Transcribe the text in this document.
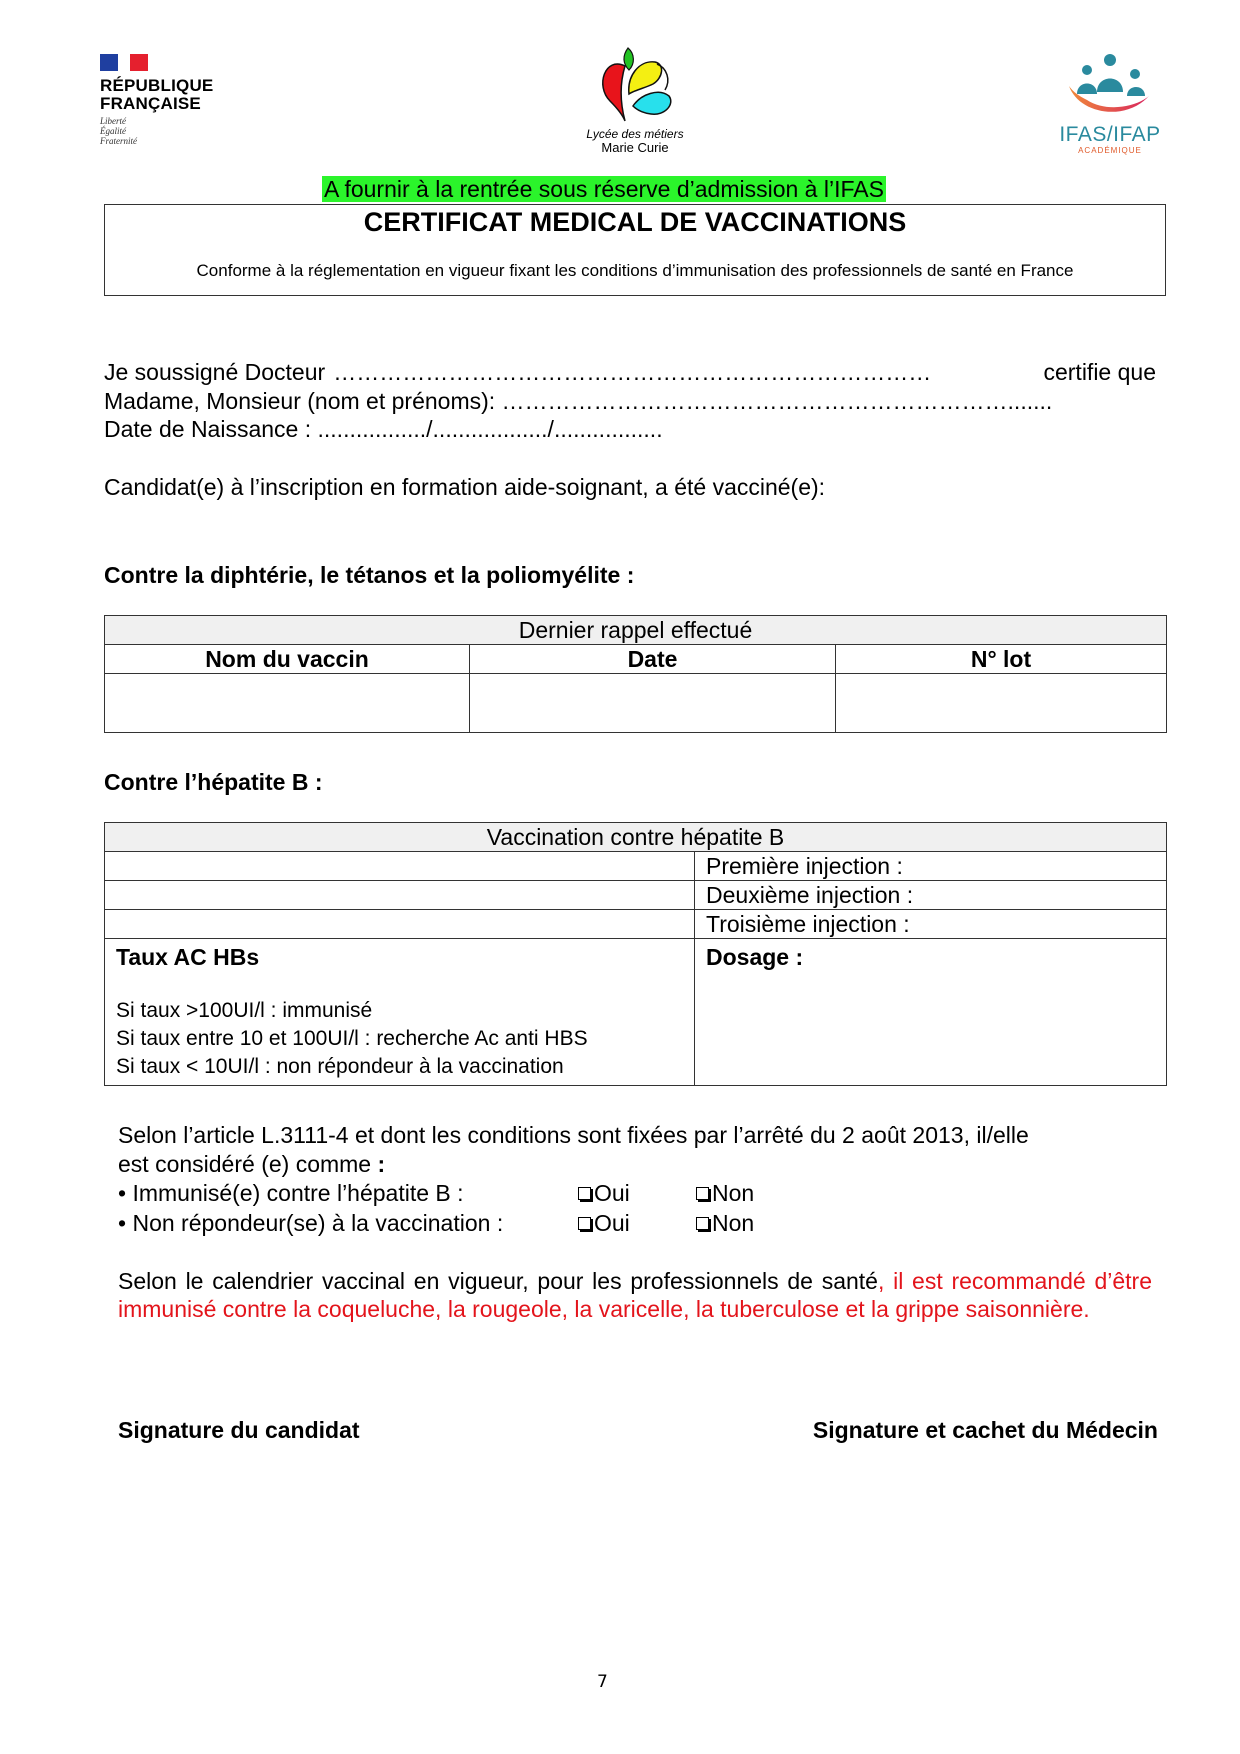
RÉPUBLIQUE
FRANÇAISE
Liberté
Égalité
Fraternité	Lycée des métiers
Marie Curie
IFAS/IFAP
ACADÉMIQUE
A fournir à la rentrée sous réserve d’admission à l’IFAS
CERTIFICAT MEDICAL DE VACCINATIONS
Conforme à la réglementation en vigueur fixant les conditions d’immunisation des professionnels de santé en France
Je soussigné Docteur ……………………………………………………………………	certifie que
Madame, Monsieur (nom et prénoms): ………………………………………………………….......
Date de Naissance : ................./................../.................
Candidat(e) à l’inscription en formation aide-soignant, a été vacciné(e):
Contre la diphtérie, le tétanos et la poliomyélite :
Dernier rappel effectué		
Nom du vaccin	Date	N° lot

Contre l’hépatite B :
Vaccination contre hépatite B	
	Première injection :
	Deuxième injection :
	Troisième injection :

Taux AC HBs
Si taux >100UI/l : immunisé
Si taux entre 10 et 100UI/l : recherche Ac anti HBS
Si taux < 10UI/l : non répondeur à la vaccination	Dosage :
Selon l’article L.3111-4 et dont les conditions sont fixées par l’arrêté du 2 août 2013, il/elle
est considéré (e) comme :
• Immunisé(e) contre l’hépatite B :	Oui	Non
• Non répondeur(se) à la vaccination :	Oui	Non
Selon le calendrier vaccinal en vigueur, pour les professionnels de santé, il est recommandé d’être immunisé contre la coqueluche, la rougeole, la varicelle, la tuberculose et la grippe saisonnière.
Signature du candidat	Signature et cachet du Médecin
7
